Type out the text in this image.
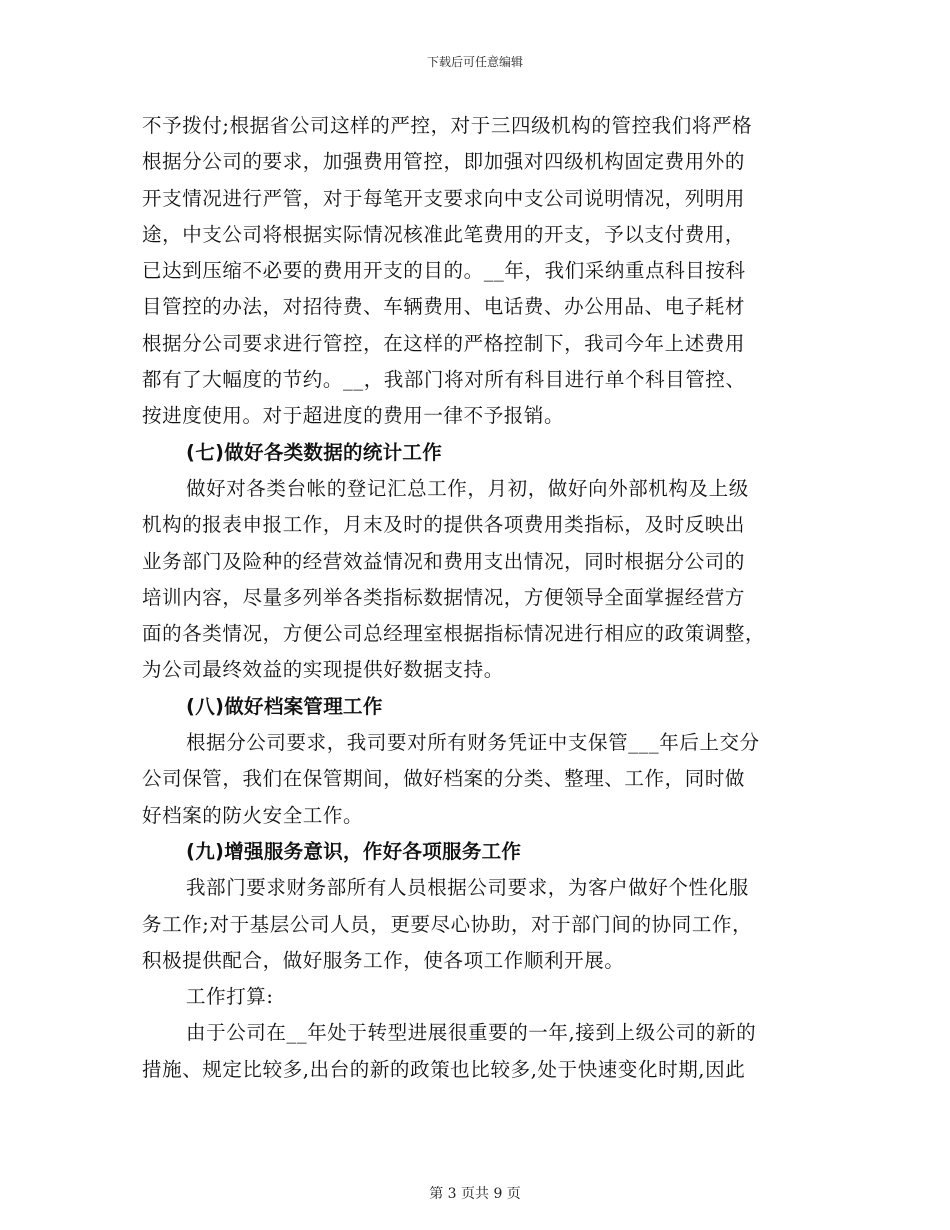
下载后可任意编辑
不予拨付;根据省公司这样的严控，对于三四级机构的管控我们将严格
根据分公司的要求，加强费用管控，即加强对四级机构固定费用外的
开支情况进行严管，对于每笔开支要求向中支公司说明情况，列明用
途，中支公司将根据实际情况核准此笔费用的开支，予以支付费用，
已达到压缩不必要的费用开支的目的。__年，我们采纳重点科目按科
目管控的办法，对招待费、车辆费用、电话费、办公用品、电子耗材
根据分公司要求进行管控，在这样的严格控制下，我司今年上述费用
都有了大幅度的节约。__，我部门将对所有科目进行单个科目管控、
按进度使用。对于超进度的费用一律不予报销。
(七)做好各类数据的统计工作
做好对各类台帐的登记汇总工作，月初，做好向外部机构及上级
机构的报表申报工作，月末及时的提供各项费用类指标，及时反映出
业务部门及险种的经营效益情况和费用支出情况，同时根据分公司的
培训内容，尽量多列举各类指标数据情况，方便领导全面掌握经营方
面的各类情况，方便公司总经理室根据指标情况进行相应的政策调整，
为公司最终效益的实现提供好数据支持。
(八)做好档案管理工作
根据分公司要求，我司要对所有财务凭证中支保管___年后上交分
公司保管，我们在保管期间，做好档案的分类、整理、工作，同时做
好档案的防火安全工作。
(九)增强服务意识，作好各项服务工作
我部门要求财务部所有人员根据公司要求，为客户做好个性化服
务工作;对于基层公司人员，更要尽心协助，对于部门间的协同工作，
积极提供配合，做好服务工作，使各项工作顺利开展。
工作打算:
由于公司在__年处于转型进展很重要的一年,接到上级公司的新的
措施、规定比较多,出台的新的政策也比较多,处于快速变化时期,因此
第 3 页共 9 页
